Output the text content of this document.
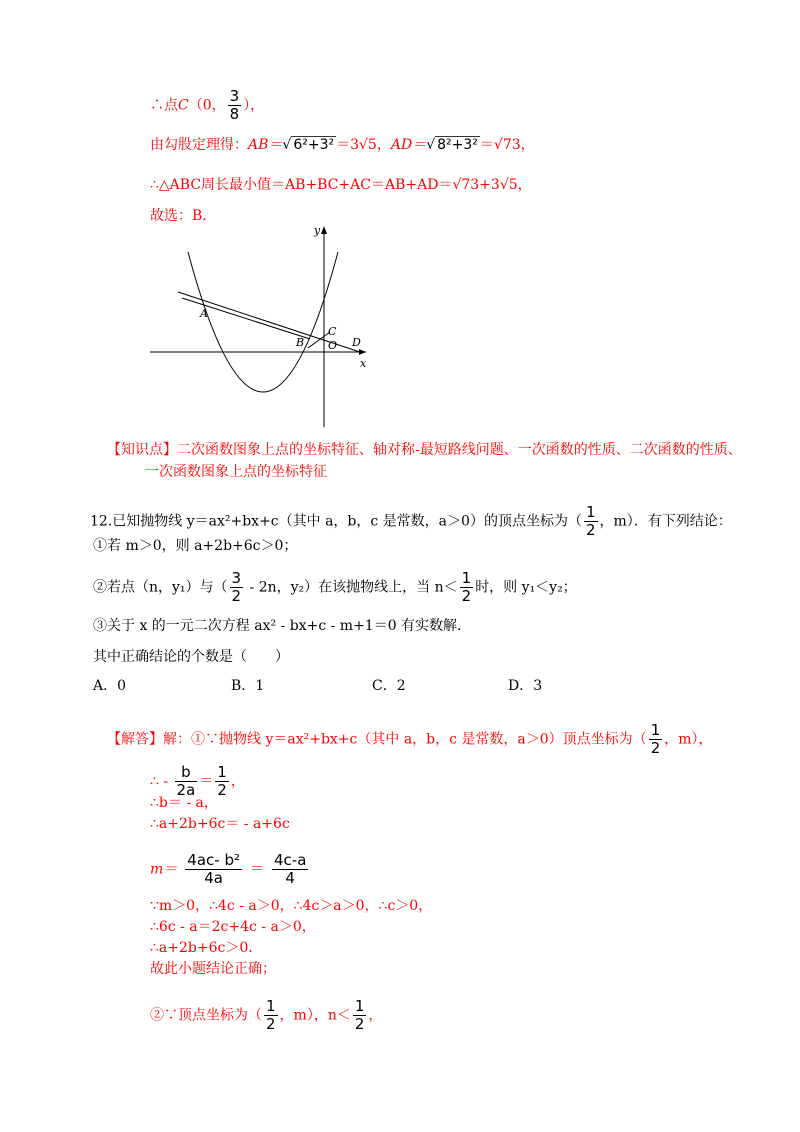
∴点C（0， $\frac{3}{8}$ ），
由勾股定理得：AB＝√ 6²+3² ＝3√5，AD＝√ 8²+3² ＝√73，
∴△ABC周长最小值＝AB+BC+AC＝AB+AD＝√73+3√5，
故选：B．
y
x
A
B
C
O D
【知识点】二次函数图象上点的坐标特征、轴对称-最短路线问题、一次函数的性质、二次函数的性质、
一次函数图象上点的坐标特征
12.已知抛物线 y＝ax²+bx+c（其中 a，b，c 是常数，a＞0）的顶点坐标为（ $\frac{1}{2}$ ，m）．有下列结论：
①若 m＞0，则 a+2b+6c＞0；
②若点（n，y₁）与（ $\frac{3}{2} - 2n$，y₂）在该抛物线上，当 $n< \frac{1}{2}$ 时，则 y₁＜y₂；
③关于 x 的一元二次方程 ax² - bx+c - m+1＝0 有实数解．
其中正确结论的个数是（　　）
A．0	B．1	C．2	D．3
【解答】解：①∵抛物线 y＝ax²+bx+c（其中 a，b，c 是常数，a＞0）顶点坐标为（ $\frac{1}{2}$ ，m），
∴ - $\frac{b}{2a} = \frac{1}{2}$ ，
∴b＝ - a，
∴a+2b+6c＝ - a+6c
$m= \frac{\text{4ac- b²}}{4a} = \frac{4c-a}{4}$
∵m＞0，∴4c - a＞0，∴4c＞a＞0，∴c＞0，
∴6c - a＝2c+4c - a＞0，
∴a+2b+6c＞0．
故此小题结论正确；
②∵顶点坐标为（ $\frac{1}{2}$ ，m），$n< \frac{1}{2}$ ，
